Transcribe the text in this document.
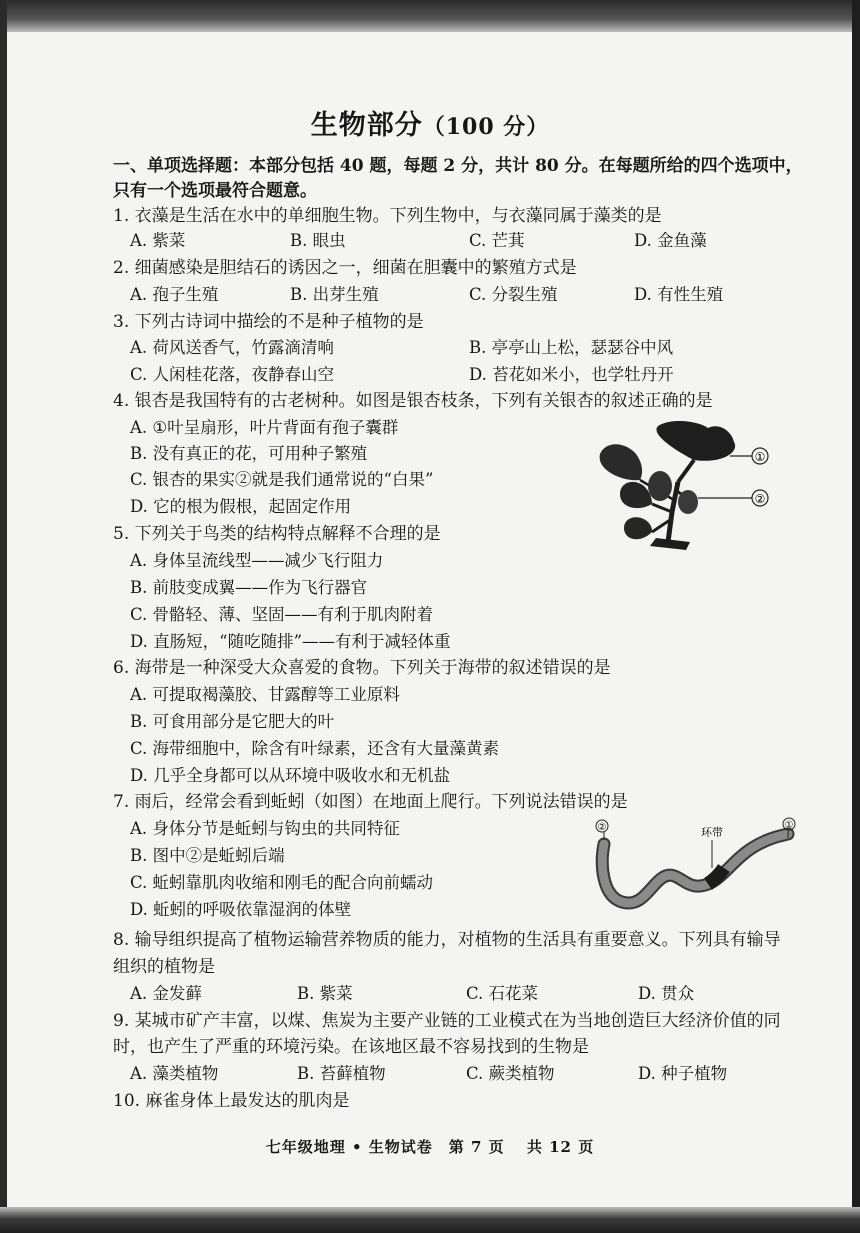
生物部分（100 分）
一、单项选择题：本部分包括 40 题，每题 2 分，共计 80 分。在每题所给的四个选项中，
只有一个选项最符合题意。
1. 衣藻是生活在水中的单细胞生物。下列生物中，与衣藻同属于藻类的是
A. 紫菜	B. 眼虫	C. 芒萁	D. 金鱼藻
2. 细菌感染是胆结石的诱因之一，细菌在胆囊中的繁殖方式是
A. 孢子生殖	B. 出芽生殖	C. 分裂生殖	D. 有性生殖
3. 下列古诗词中描绘的不是种子植物的是
A. 荷风送香气，竹露滴清响	B. 亭亭山上松，瑟瑟谷中风
C. 人闲桂花落，夜静春山空	D. 苔花如米小，也学牡丹开
4. 银杏是我国特有的古老树种。如图是银杏枝条，下列有关银杏的叙述正确的是
A. ①叶呈扇形，叶片背面有孢子囊群
B. 没有真正的花，可用种子繁殖
C. 银杏的果实②就是我们通常说的“白果”
D. 它的根为假根，起固定作用
①
②
5. 下列关于鸟类的结构特点解释不合理的是
A. 身体呈流线型——减少飞行阻力
B. 前肢变成翼——作为飞行器官
C. 骨骼轻、薄、坚固——有利于肌肉附着
D. 直肠短，“随吃随排”——有利于减轻体重
6. 海带是一种深受大众喜爱的食物。下列关于海带的叙述错误的是
A. 可提取褐藻胶、甘露醇等工业原料
B. 可食用部分是它肥大的叶
C. 海带细胞中，除含有叶绿素，还含有大量藻黄素
D. 几乎全身都可以从环境中吸收水和无机盐
7. 雨后，经常会看到蚯蚓（如图）在地面上爬行。下列说法错误的是
A. 身体分节是蚯蚓与钩虫的共同特征
B. 图中②是蚯蚓后端
C. 蚯蚓靠肌肉收缩和刚毛的配合向前蠕动
D. 蚯蚓的呼吸依靠湿润的体壁
②	环带
①
8. 输导组织提高了植物运输营养物质的能力，对植物的生活具有重要意义。下列具有输导
组织的植物是
A. 金发藓	B. 紫菜	C. 石花菜	D. 贯众
9. 某城市矿产丰富，以煤、焦炭为主要产业链的工业模式在为当地创造巨大经济价值的同
时，也产生了严重的环境污染。在该地区最不容易找到的生物是
A. 藻类植物	B. 苔藓植物	C. 蕨类植物	D. 种子植物
10. 麻雀身体上最发达的肌肉是
七年级地理 • 生物试卷　第 7 页　 共 12 页
